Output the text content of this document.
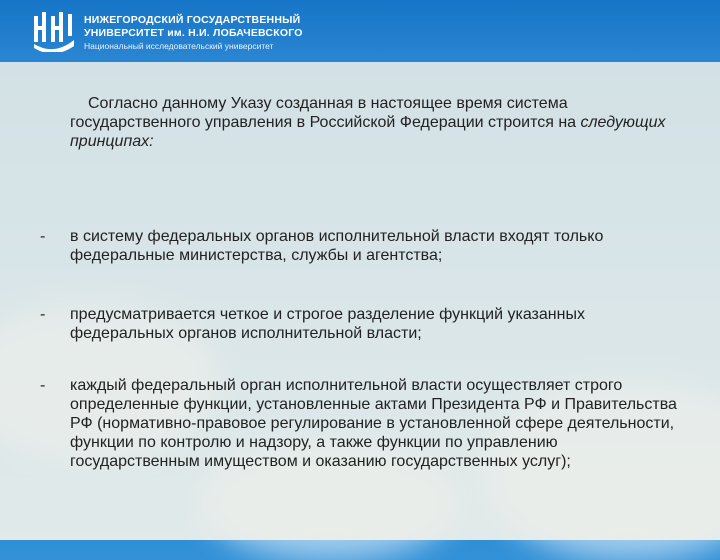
НИЖЕГОРОДСКИЙ ГОСУДАРСТВЕННЫЙ
УНИВЕРСИТЕТ им. Н.И. ЛОБАЧЕВСКОГО
Национальный исследовательский университет
Согласно данному Указу созданная в настоящее время система государственного управления в Российской Федерации строится на следующих принципах:
- в систему федеральных органов исполнительной власти входят только федеральные министерства, службы и агентства;
- предусматривается четкое и строгое разделение функций указанных федеральных органов исполнительной власти;
- каждый федеральный орган исполнительной власти осуществляет строго определенные функции, установленные актами Президента РФ и Правительства РФ (нормативно-правовое регулирование в установленной сфере деятельности, функции по контролю и надзору, а также функции по управлению государственным имуществом и оказанию государственных услуг);
